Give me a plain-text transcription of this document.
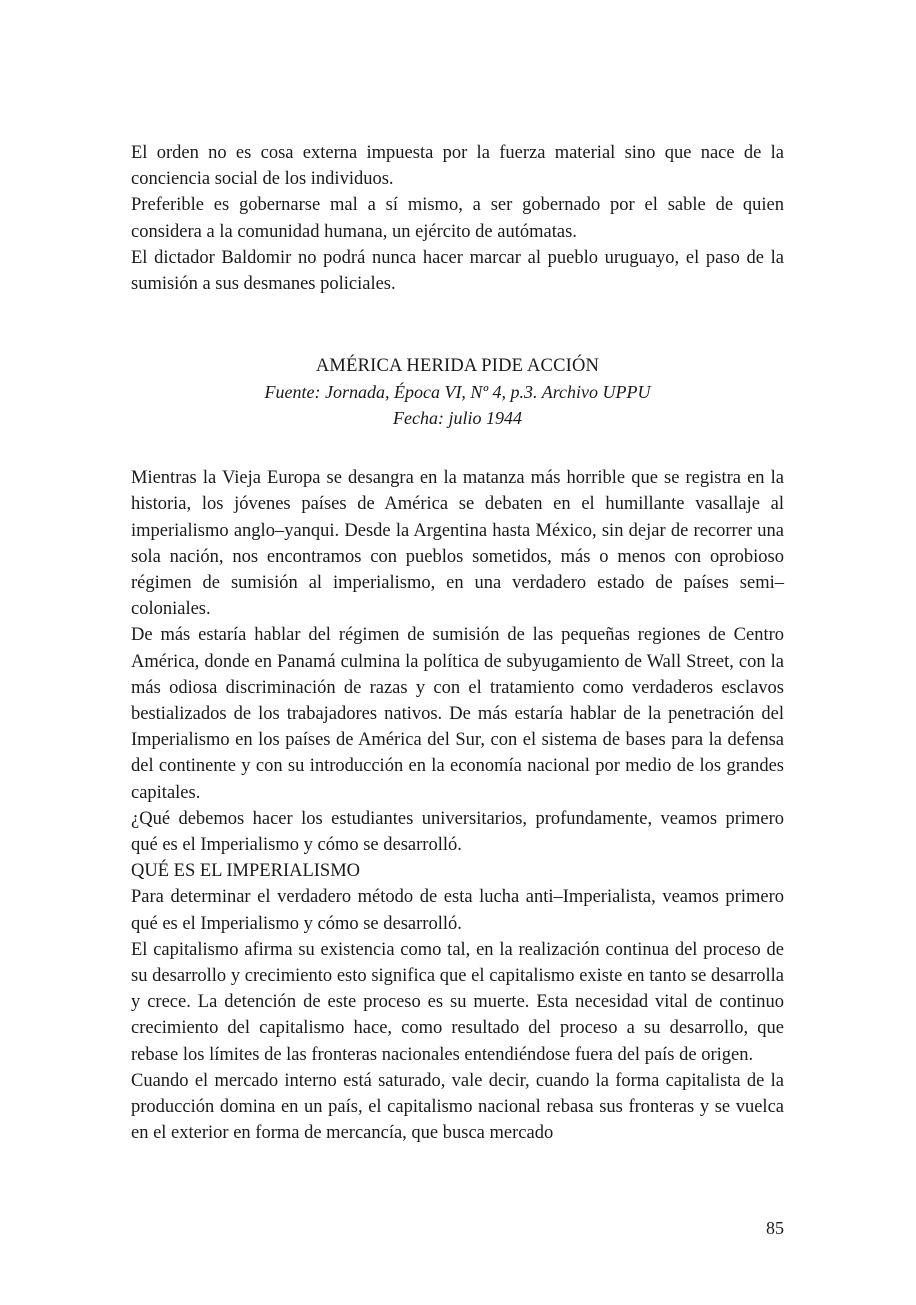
El orden no es cosa externa impuesta por la fuerza material sino que nace de la conciencia social de los individuos.

Preferible es gobernarse mal a sí mismo, a ser gobernado por el sable de quien considera a la comunidad humana, un ejército de autómatas.

El dictador Baldomir no podrá nunca hacer marcar al pueblo uruguayo, el paso de la sumisión a sus desmanes policiales.

AMÉRICA HERIDA PIDE ACCIÓN
Fuente: Jornada, Época VI, Nº 4, p.3. Archivo UPPU
Fecha: julio 1944

Mientras la Vieja Europa se desangra en la matanza más horrible que se registra en la historia, los jóvenes países de América se debaten en el humillante vasallaje al imperialismo anglo–yanqui. Desde la Argentina hasta México, sin dejar de recorrer una sola nación, nos encontramos con pueblos sometidos, más o menos con oprobioso régimen de sumisión al imperialismo, en una verdadero estado de países semi–coloniales.

De más estaría hablar del régimen de sumisión de las pequeñas regiones de Centro América, donde en Panamá culmina la política de subyugamiento de Wall Street, con la más odiosa discriminación de razas y con el tratamiento como verdaderos esclavos bestializados de los trabajadores nativos. De más estaría hablar de la penetración del Imperialismo en los países de América del Sur, con el sistema de bases para la defensa del continente y con su introducción en la economía nacional por medio de los grandes capitales.

¿Qué debemos hacer los estudiantes universitarios, profundamente, veamos primero qué es el Imperialismo y cómo se desarrolló.

QUÉ ES EL IMPERIALISMO

Para determinar el verdadero método de esta lucha anti–Imperialista, veamos primero qué es el Imperialismo y cómo se desarrolló.

El capitalismo afirma su existencia como tal, en la realización continua del proceso de su desarrollo y crecimiento esto significa que el capitalismo existe en tanto se desarrolla y crece. La detención de este proceso es su muerte. Esta necesidad vital de continuo crecimiento del capitalismo hace, como resultado del proceso a su desarrollo, que rebase los límites de las fronteras nacionales entendiéndose fuera del país de origen.

Cuando el mercado interno está saturado, vale decir, cuando la forma capitalista de la producción domina en un país, el capitalismo nacional rebasa sus fronteras y se vuelca en el exterior en forma de mercancía, que busca mercado

85
